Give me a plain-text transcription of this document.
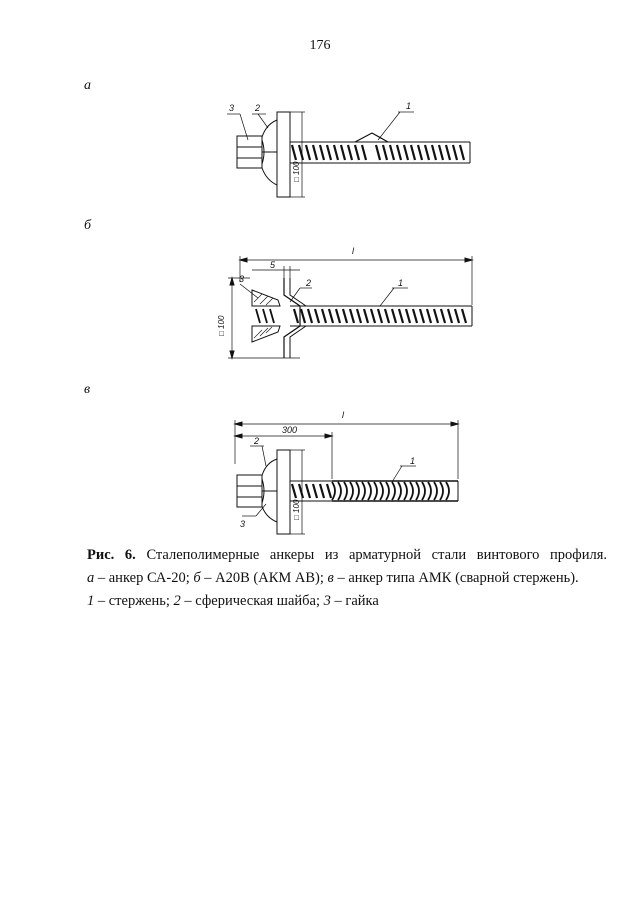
176
а
3 2	1
□ 100
б
l
5
3	2	1
□ 100
в
300
l
2
3
1
□ 100

Рис. 6. Сталеполимерные анкеры из арматурной стали винтового профиля.

а – анкер СА-20; б – А20В (АКМ АВ); в – анкер типа АМК (сварной стержень).

1 – стержень; 2 – сферическая шайба; 3 – гайка
